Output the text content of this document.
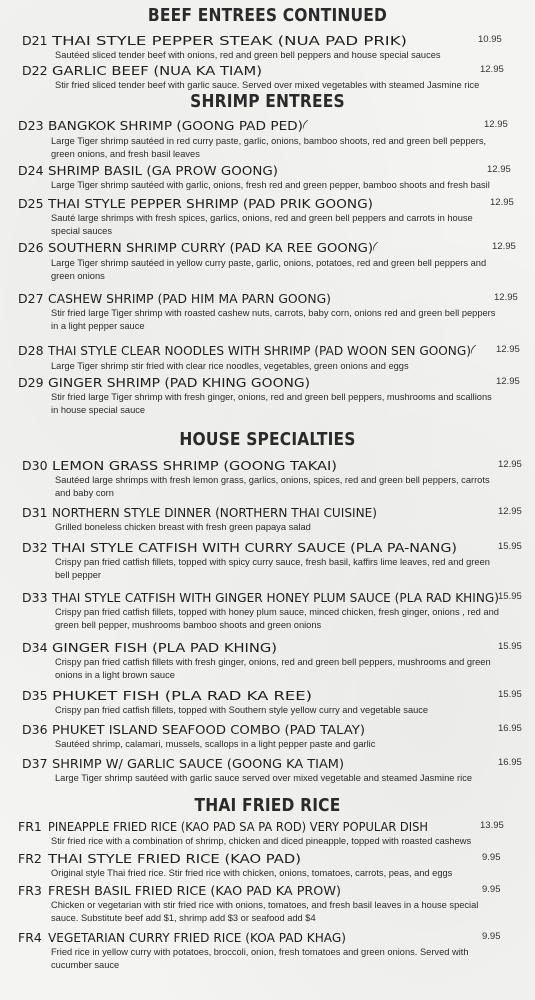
BEEF ENTREES CONTINUED
D21 THAI STYLE PEPPER STEAK (NUA PAD PRIK)	10.95
Sautéed sliced tender beef with onions, red and green bell peppers and house special sauces
D22 GARLIC BEEF (NUA KA TIAM)	12.95
Stir fried sliced tender beef with garlic sauce. Served over mixed vegetables with steamed Jasmine rice
SHRIMP ENTREES
D23 BANGKOK SHRIMP (GOONG PAD PED) ⁀	12.95
Large Tiger shrimp sautéed in red curry paste, garlic, onions, bamboo shoots, red and green bell peppers, green onions, and fresh basil leaves
D24 SHRIMP BASIL (GA PROW GOONG)	12.95
Large Tiger shrimp sautéed with garlic, onions, fresh red and green pepper, bamboo shoots and fresh basil
D25 THAI STYLE PEPPER SHRIMP (PAD PRIK GOONG)	12.95
Sauté large shrimps with fresh spices, garlics, onions, red and green bell peppers and carrots in house special sauces
D26 SOUTHERN SHRIMP CURRY (PAD KA REE GOONG) ⁀	12.95
Large Tiger shrimp sautéed in yellow curry paste, garlic, onions, potatoes, red and green bell peppers and green onions
D27 CASHEW SHRIMP (PAD HIM MA PARN GOONG)	12.95
Stir fried large Tiger shrimp with roasted cashew nuts, carrots, baby corn, onions red and green bell peppers in a light pepper sauce
D28 THAI STYLE CLEAR NOODLES WITH SHRIMP (PAD WOON SEN GOONG) ⁀ 12.95
Large Tiger shrimp stir fried with clear rice noodles, vegetables, green onions and eggs
D29 GINGER SHRIMP (PAD KHING GOONG)	12.95
Stir fried large Tiger shrimp with fresh ginger, onions, red and green bell peppers, mushrooms and scallions in house special sauce
HOUSE SPECIALTIES
D30 LEMON GRASS SHRIMP (GOONG TAKAI)	12.95
Sautéed large shrimps with fresh lemon grass, garlics, onions, spices, red and green bell peppers, carrots and baby corn
D31 NORTHERN STYLE DINNER (NORTHERN THAI CUISINE)	12.95
Grilled boneless chicken breast with fresh green papaya salad
D32 THAI STYLE CATFISH WITH CURRY SAUCE (PLA PA-NANG)	15.95
Crispy pan fried catfish fillets, topped with spicy curry sauce, fresh basil, kaffirs lime leaves, red and green bell pepper
D33 THAI STYLE CATFISH WITH GINGER HONEY PLUM SAUCE (PLA RAD KHING) 15.95
Crispy pan fried catfish fillets, topped with honey plum sauce, minced chicken, fresh ginger, onions , red and green bell pepper, mushrooms bamboo shoots and green onions
D34 GINGER FISH (PLA PAD KHING)	15.95
Crispy pan fried catfish fillets with fresh ginger, onions, red and green bell peppers, mushrooms and green onions in a light brown sauce
D35 PHUKET FISH (PLA RAD KA REE)	15.95
Crispy pan fried catfish fillets, topped with Southern style yellow curry and vegetable sauce
D36 PHUKET ISLAND SEAFOOD COMBO (PAD TALAY)	16.95
Sautéed shrimp, calamari, mussels, scallops in a light pepper paste and garlic
D37 SHRIMP W/ GARLIC SAUCE (GOONG KA TIAM)	16.95
Large Tiger shrimp sautéed with garlic sauce served over mixed vegetable and steamed Jasmine rice
THAI FRIED RICE
FR1 PINEAPPLE FRIED RICE (KAO PAD SA PA ROD) VERY POPULAR DISH	13.95
Stir fried rice with a combination of shrimp, chicken and diced pineapple, topped with roasted cashews
FR2 THAI STYLE FRIED RICE (KAO PAD)	9.95
Original style Thai fried rice. Stir fried rice with chicken, onions, tomatoes, carrots, peas, and eggs
FR3 FRESH BASIL FRIED RICE (KAO PAD KA PROW)	9.95
Chicken or vegetarian with stir fried rice with onions, tomatoes, and fresh basil leaves in a house special sauce. Substitute beef add $1, shrimp add $3 or seafood add $4
FR4 VEGETARIAN CURRY FRIED RICE (KOA PAD KHAG)	9.95
Fried rice in yellow curry with potatoes, broccoli, onion, fresh tomatoes and green onions. Served with cucumber sauce
